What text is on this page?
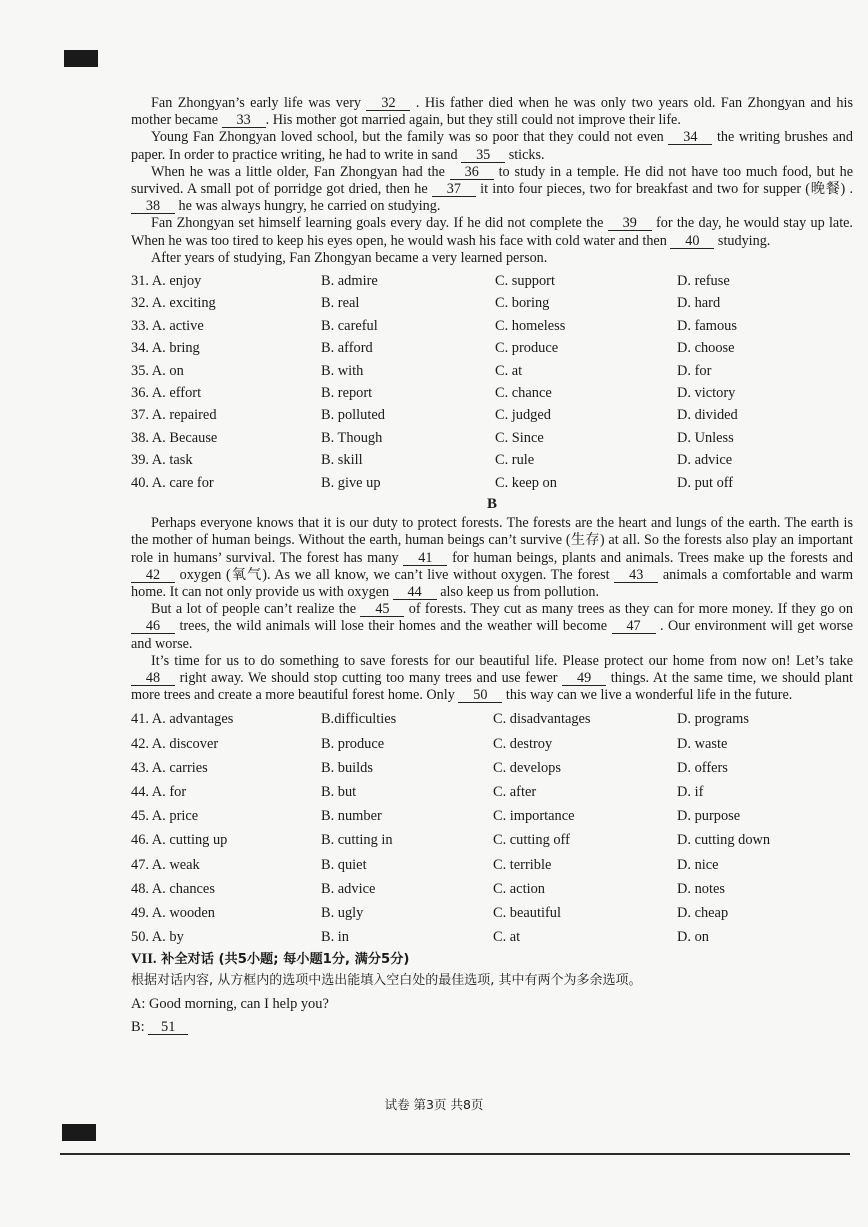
Fan Zhongyan’s early life was very 32 . His father died when he was only two years old. Fan Zhongyan and his mother became 33 . His mother got married again, but they still could not improve their life.

Young Fan Zhongyan loved school, but the family was so poor that they could not even 34 the writing brushes and paper. In order to practice writing, he had to write in sand 35 sticks.

When he was a little older, Fan Zhongyan had the 36 to study in a temple. He did not have too much food, but he survived. A small pot of porridge got dried, then he 37 it into four pieces, two for breakfast and two for supper (晚餐) . 38 he was always hungry, he carried on studying.

Fan Zhongyan set himself learning goals every day. If he did not complete the 39 for the day, he would stay up late. When he was too tired to keep his eyes open, he would wash his face with cold water and then 40 studying.

After years of studying, Fan Zhongyan became a very learned person.

31. A. enjoy	B. admire	C. support	D. refuse
32. A. exciting	B. real	C. boring	D. hard
33. A. active	B. careful	C. homeless	D. famous
34. A. bring	B. afford	C. produce	D. choose
35. A. on	B. with	C. at	D. for
36. A. effort	B. report	C. chance	D. victory
37. A. repaired	B. polluted	C. judged	D. divided
38. A. Because	B. Though	C. Since	D. Unless
39. A. task	B. skill	C. rule	D. advice
40. A. care for	B. give up	C. keep on	D. put off
B

Perhaps everyone knows that it is our duty to protect forests. The forests are the heart and lungs of the earth. The earth is the mother of human beings. Without the earth, human beings can’t survive (生存) at all. So the forests also play an important role in humans’ survival. The forest has many 41 for human beings, plants and animals. Trees make up the forests and 42 oxygen (氧气). As we all know, we can’t live without oxygen. The forest 43 animals a comfortable and warm home. It can not only provide us with oxygen 44 also keep us from pollution.

But a lot of people can’t realize the 45 of forests. They cut as many trees as they can for more money. If they go on 46 trees, the wild animals will lose their homes and the weather will become 47 . Our environment will get worse and worse.

It’s time for us to do something to save forests for our beautiful life. Please protect our home from now on! Let’s take 48 right away. We should stop cutting too many trees and use fewer 49 things. At the same time, we should plant more trees and create a more beautiful forest home. Only 50 this way can we live a wonderful life in the future.

41. A. advantages	B.difficulties	C. disadvantages	D. programs
42. A. discover	B. produce	C. destroy	D. waste
43. A. carries	B. builds	C. develops	D. offers
44. A. for	B. but	C. after	D. if
45. A. price	B. number	C. importance	D. purpose
46. A. cutting up	B. cutting in	C. cutting off	D. cutting down
47. A. weak	B. quiet	C. terrible	D. nice
48. A. chances	B. advice	C. action	D. notes
49. A. wooden	B. ugly	C. beautiful	D. cheap
50. A. by	B. in	C. at	D. on
VII. 补全对话 (共5小题; 每小题1分, 满分5分)
根据对话内容, 从方框内的选项中选出能填入空白处的最佳选项, 其中有两个为多余选项。
A: Good morning, can I help you?
B: 51
试卷 第3页 共8页
